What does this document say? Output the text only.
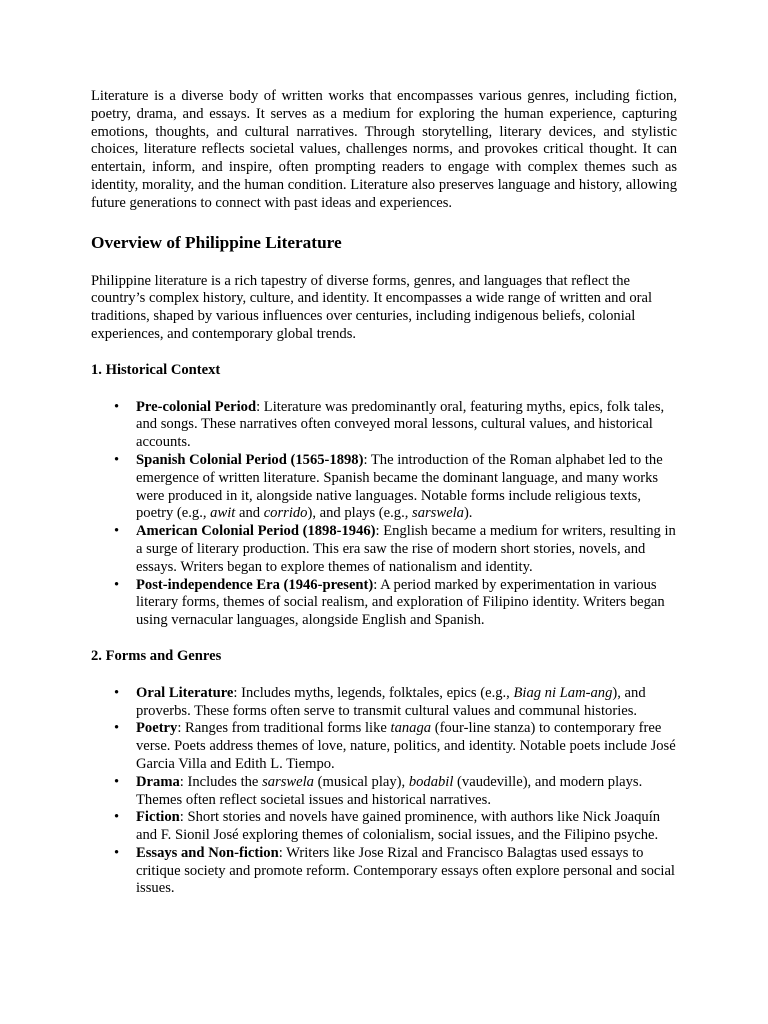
Literature is a diverse body of written works that encompasses various genres, including fiction, poetry, drama, and essays. It serves as a medium for exploring the human experience, capturing emotions, thoughts, and cultural narratives. Through storytelling, literary devices, and stylistic choices, literature reflects societal values, challenges norms, and provokes critical thought. It can entertain, inform, and inspire, often prompting readers to engage with complex themes such as identity, morality, and the human condition. Literature also preserves language and history, allowing future generations to connect with past ideas and experiences.

Overview of Philippine Literature

Philippine literature is a rich tapestry of diverse forms, genres, and languages that reflect the country’s complex history, culture, and identity. It encompasses a wide range of written and oral traditions, shaped by various influences over centuries, including indigenous beliefs, colonial experiences, and contemporary global trends.

1. Historical Context
• Pre-colonial Period: Literature was predominantly oral, featuring myths, epics, folk tales, and songs. These narratives often conveyed moral lessons, cultural values, and historical accounts.
• Spanish Colonial Period (1565-1898): The introduction of the Roman alphabet led to the emergence of written literature. Spanish became the dominant language, and many works were produced in it, alongside native languages. Notable forms include religious texts, poetry (e.g., awit and corrido), and plays (e.g., sarswela).
• American Colonial Period (1898-1946): English became a medium for writers, resulting in a surge of literary production. This era saw the rise of modern short stories, novels, and essays. Writers began to explore themes of nationalism and identity.
• Post-independence Era (1946-present): A period marked by experimentation in various literary forms, themes of social realism, and exploration of Filipino identity. Writers began using vernacular languages, alongside English and Spanish.
2. Forms and Genres
• Oral Literature: Includes myths, legends, folktales, epics (e.g., Biag ni Lam-ang), and proverbs. These forms often serve to transmit cultural values and communal histories.
• Poetry: Ranges from traditional forms like tanaga (four-line stanza) to contemporary free verse. Poets address themes of love, nature, politics, and identity. Notable poets include José Garcia Villa and Edith L. Tiempo.
• Drama: Includes the sarswela (musical play), bodabil (vaudeville), and modern plays. Themes often reflect societal issues and historical narratives.
• Fiction: Short stories and novels have gained prominence, with authors like Nick Joaquín and F. Sionil José exploring themes of colonialism, social issues, and the Filipino psyche.
• Essays and Non-fiction: Writers like Jose Rizal and Francisco Balagtas used essays to critique society and promote reform. Contemporary essays often explore personal and social issues.
